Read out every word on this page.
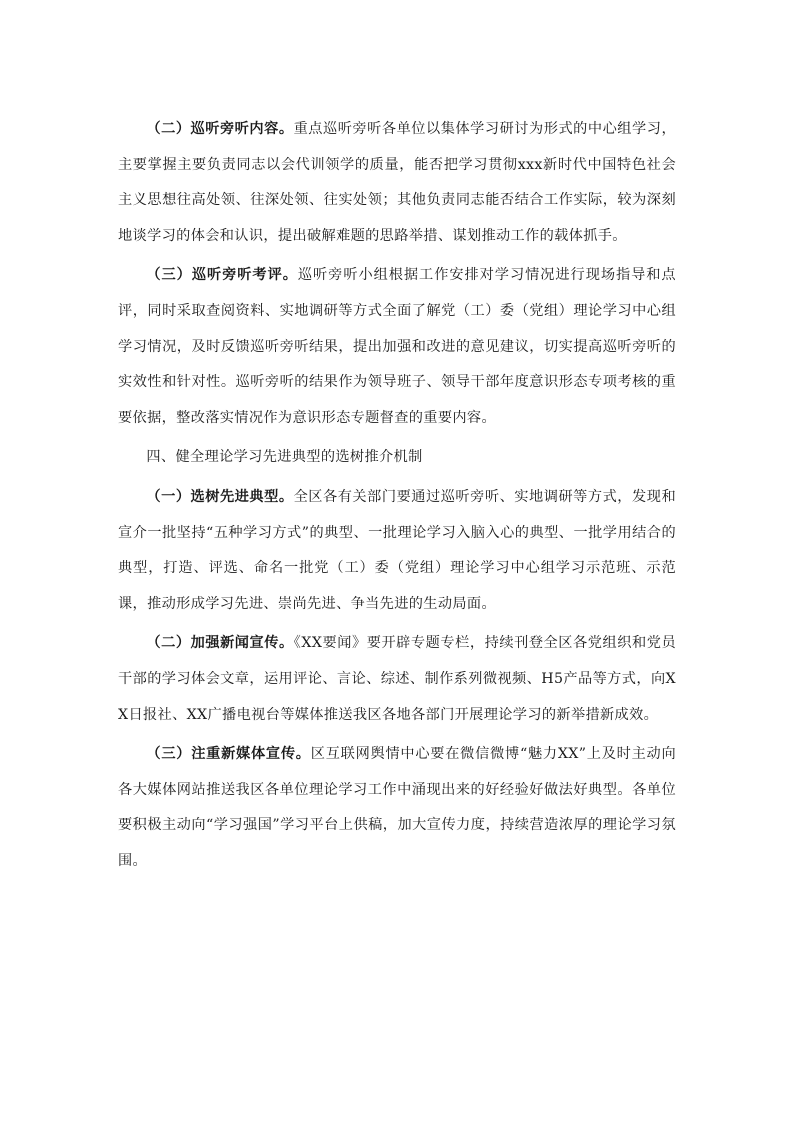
（二）巡听旁听内容。重点巡听旁听各单位以集体学习研讨为形式的中心组学习，主要掌握主要负责同志以会代训领学的质量，能否把学习贯彻xxx新时代中国特色社会主义思想往高处领、往深处领、往实处领；其他负责同志能否结合工作实际，较为深刻地谈学习的体会和认识，提出破解难题的思路举措、谋划推动工作的载体抓手。

（三）巡听旁听考评。巡听旁听小组根据工作安排对学习情况进行现场指导和点评，同时采取查阅资料、实地调研等方式全面了解党（工）委（党组）理论学习中心组学习情况，及时反馈巡听旁听结果，提出加强和改进的意见建议，切实提高巡听旁听的实效性和针对性。巡听旁听的结果作为领导班子、领导干部年度意识形态专项考核的重要依据，整改落实情况作为意识形态专题督查的重要内容。

四、健全理论学习先进典型的选树推介机制

（一）选树先进典型。全区各有关部门要通过巡听旁听、实地调研等方式，发现和宣介一批坚持“五种学习方式”的典型、一批理论学习入脑入心的典型、一批学用结合的典型，打造、评选、命名一批党（工）委（党组）理论学习中心组学习示范班、示范课，推动形成学习先进、崇尚先进、争当先进的生动局面。

（二）加强新闻宣传。《XX要闻》要开辟专题专栏，持续刊登全区各党组织和党员干部的学习体会文章，运用评论、言论、综述、制作系列微视频、H5产品等方式，向XX日报社、XX广播电视台等媒体推送我区各地各部门开展理论学习的新举措新成效。

（三）注重新媒体宣传。区互联网舆情中心要在微信微博“魅力XX”上及时主动向各大媒体网站推送我区各单位理论学习工作中涌现出来的好经验好做法好典型。各单位要积极主动向“学习强国”学习平台上供稿，加大宣传力度，持续营造浓厚的理论学习氛围。
